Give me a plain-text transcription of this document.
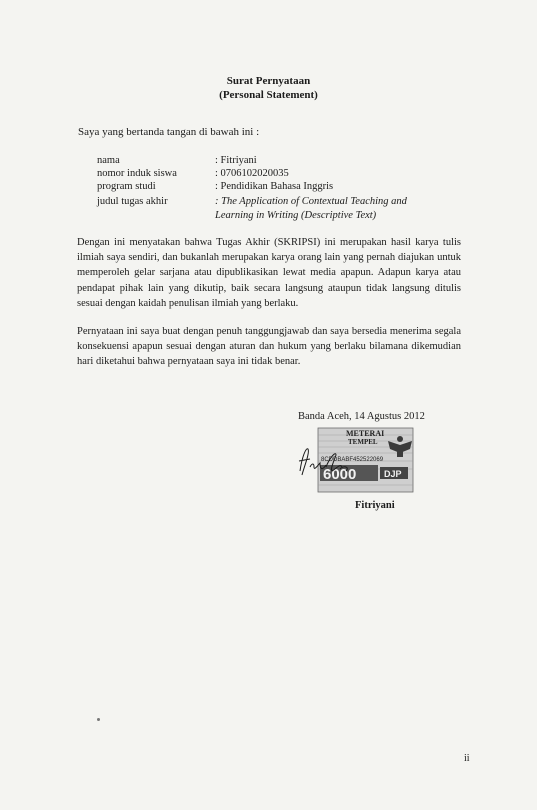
Surat Pernyataan
(Personal Statement)
Saya yang bertanda tangan di bawah ini :
nama	: Fitriyani
nomor induk siswa	: 0706102020035
program studi	: Pendidikan Bahasa Inggris
judul tugas akhir	: The Application of Contextual Teaching and
Learning in Writing (Descriptive Text)
Dengan ini menyatakan bahwa Tugas Akhir (SKRIPSI) ini merupakan hasil karya tulis ilmiah saya sendiri, dan bukanlah merupakan karya orang lain yang pernah diajukan untuk memperoleh gelar sarjana atau dipublikasikan lewat media apapun. Adapun karya atau pendapat pihak lain yang dikutip, baik secara langsung ataupun tidak langsung ditulis sesuai dengan kaidah penulisan ilmiah yang berlaku.
Pernyataan ini saya buat dengan penuh tanggungjawab dan saya bersedia menerima segala konsekuensi apapun sesuai dengan aturan dan hukum yang berlaku bilamana dikemudian hari diketahui bahwa pernyataan saya ini tidak benar.
Banda Aceh, 14 Agustus 2012
METERAI
TEMPEL
8CDDBABF452522069
6000	DJP
Fitriyani
ii
